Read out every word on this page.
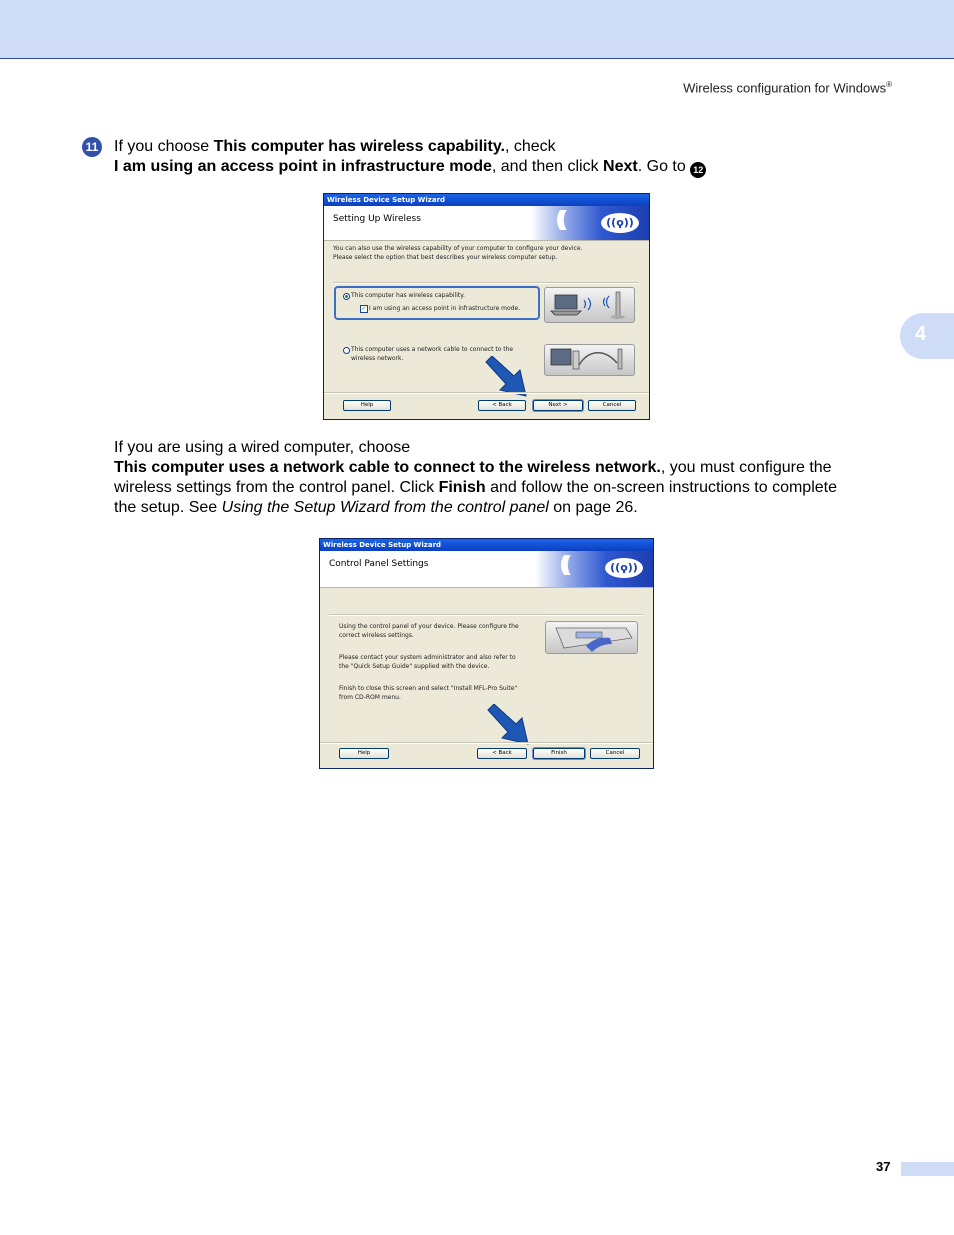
Wireless configuration for Windows®
4
11 If you choose This computer has wireless capability., check
I am using an access point in infrastructure mode, and then click Next. Go to 12
Wireless Device Setup Wizard
Setting Up Wireless	((((	((ϙ))
You can also use the wireless capability of your computer to configure your device.
Please select the option that best describes your wireless computer setup.
This computer has wireless capability.
✓ I am using an access point in infrastructure mode.
This computer uses a network cable to connect to the
wireless network.
Help	< Back	Next >	Cancel
If you are using a wired computer, choose
This computer uses a network cable to connect to the wireless network., you must configure the
wireless settings from the control panel. Click Finish and follow the on-screen instructions to complete
the setup. See Using the Setup Wizard from the control panel on page 26.
Wireless Device Setup Wizard
Control Panel Settings	((((	((ϙ))
Using the control panel of your device. Please configure the
correct wireless settings.
Please contact your system administrator and also refer to
the "Quick Setup Guide" supplied with the device.
Finish to close this screen and select "Install MFL-Pro Suite"
from CD-ROM menu.
Help	< Back	Finish	Cancel
37
